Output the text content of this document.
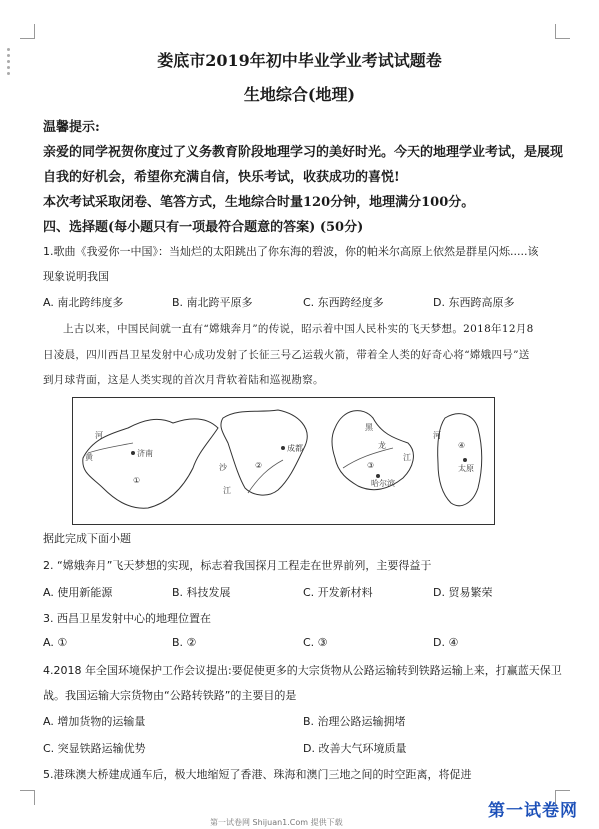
娄底市2019年初中毕业学业考试试题卷
生地综合(地理)
温馨提示:
亲爱的同学祝贺你度过了义务教育阶段地理学习的美好时光。今天的地理学业考试，是展现
自我的好机会，希望你充满自信，快乐考试，收获成功的喜悦!
本次考试采取闭卷、笔答方式，生地综合时量120分钟，地理满分100分。
四、选择题(每小题只有一项最符合题意的答案) (50分)
1.歌曲《我爱你一中国》：当灿烂的太阳跳出了你东海的碧波，你的帕米尔高原上依然是群星闪烁.....该
现象说明我国
A. 南北跨纬度多	B. 南北跨平原多	C. 东西跨经度多	D. 东西跨高原多
上古以来，中国民间就一直有“嫦娥奔月”的传说，昭示着中国人民朴实的飞天梦想。2018年12月8
日凌晨，四川西昌卫星发射中心成功发射了长征三号乙运载火箭，带着全人类的好奇心将“嫦娥四号”送
到月球背面，这是人类实现的首次月背软着陆和巡视勘察。
河
黄	济南
①
成都
②
沙
江
黑
龙
③
哈尔滨
江
河
④
太原
据此完成下面小题
2. “嫦娥奔月”飞天梦想的实现，标志着我国探月工程走在世界前列，主要得益于
A. 使用新能源	B. 科技发展	C. 开发新材料	D. 贸易繁荣
3. 西昌卫星发射中心的地理位置在
A. ①	B. ②	C. ③	D. ④
4.2018 年全国环境保护工作会议提出:要促使更多的大宗货物从公路运输转到铁路运输上来，打赢蓝天保卫
战。我国运输大宗货物由“公路转铁路”的主要目的是
A. 增加货物的运输量	B. 治理公路运输拥堵
C. 突显铁路运输优势	D. 改善大气环境质量
5.港珠澳大桥建成通车后，极大地缩短了香港、珠海和澳门三地之间的时空距离，将促进
第一试卷网 Shijuan1.Com 提供下载
第一试卷网
